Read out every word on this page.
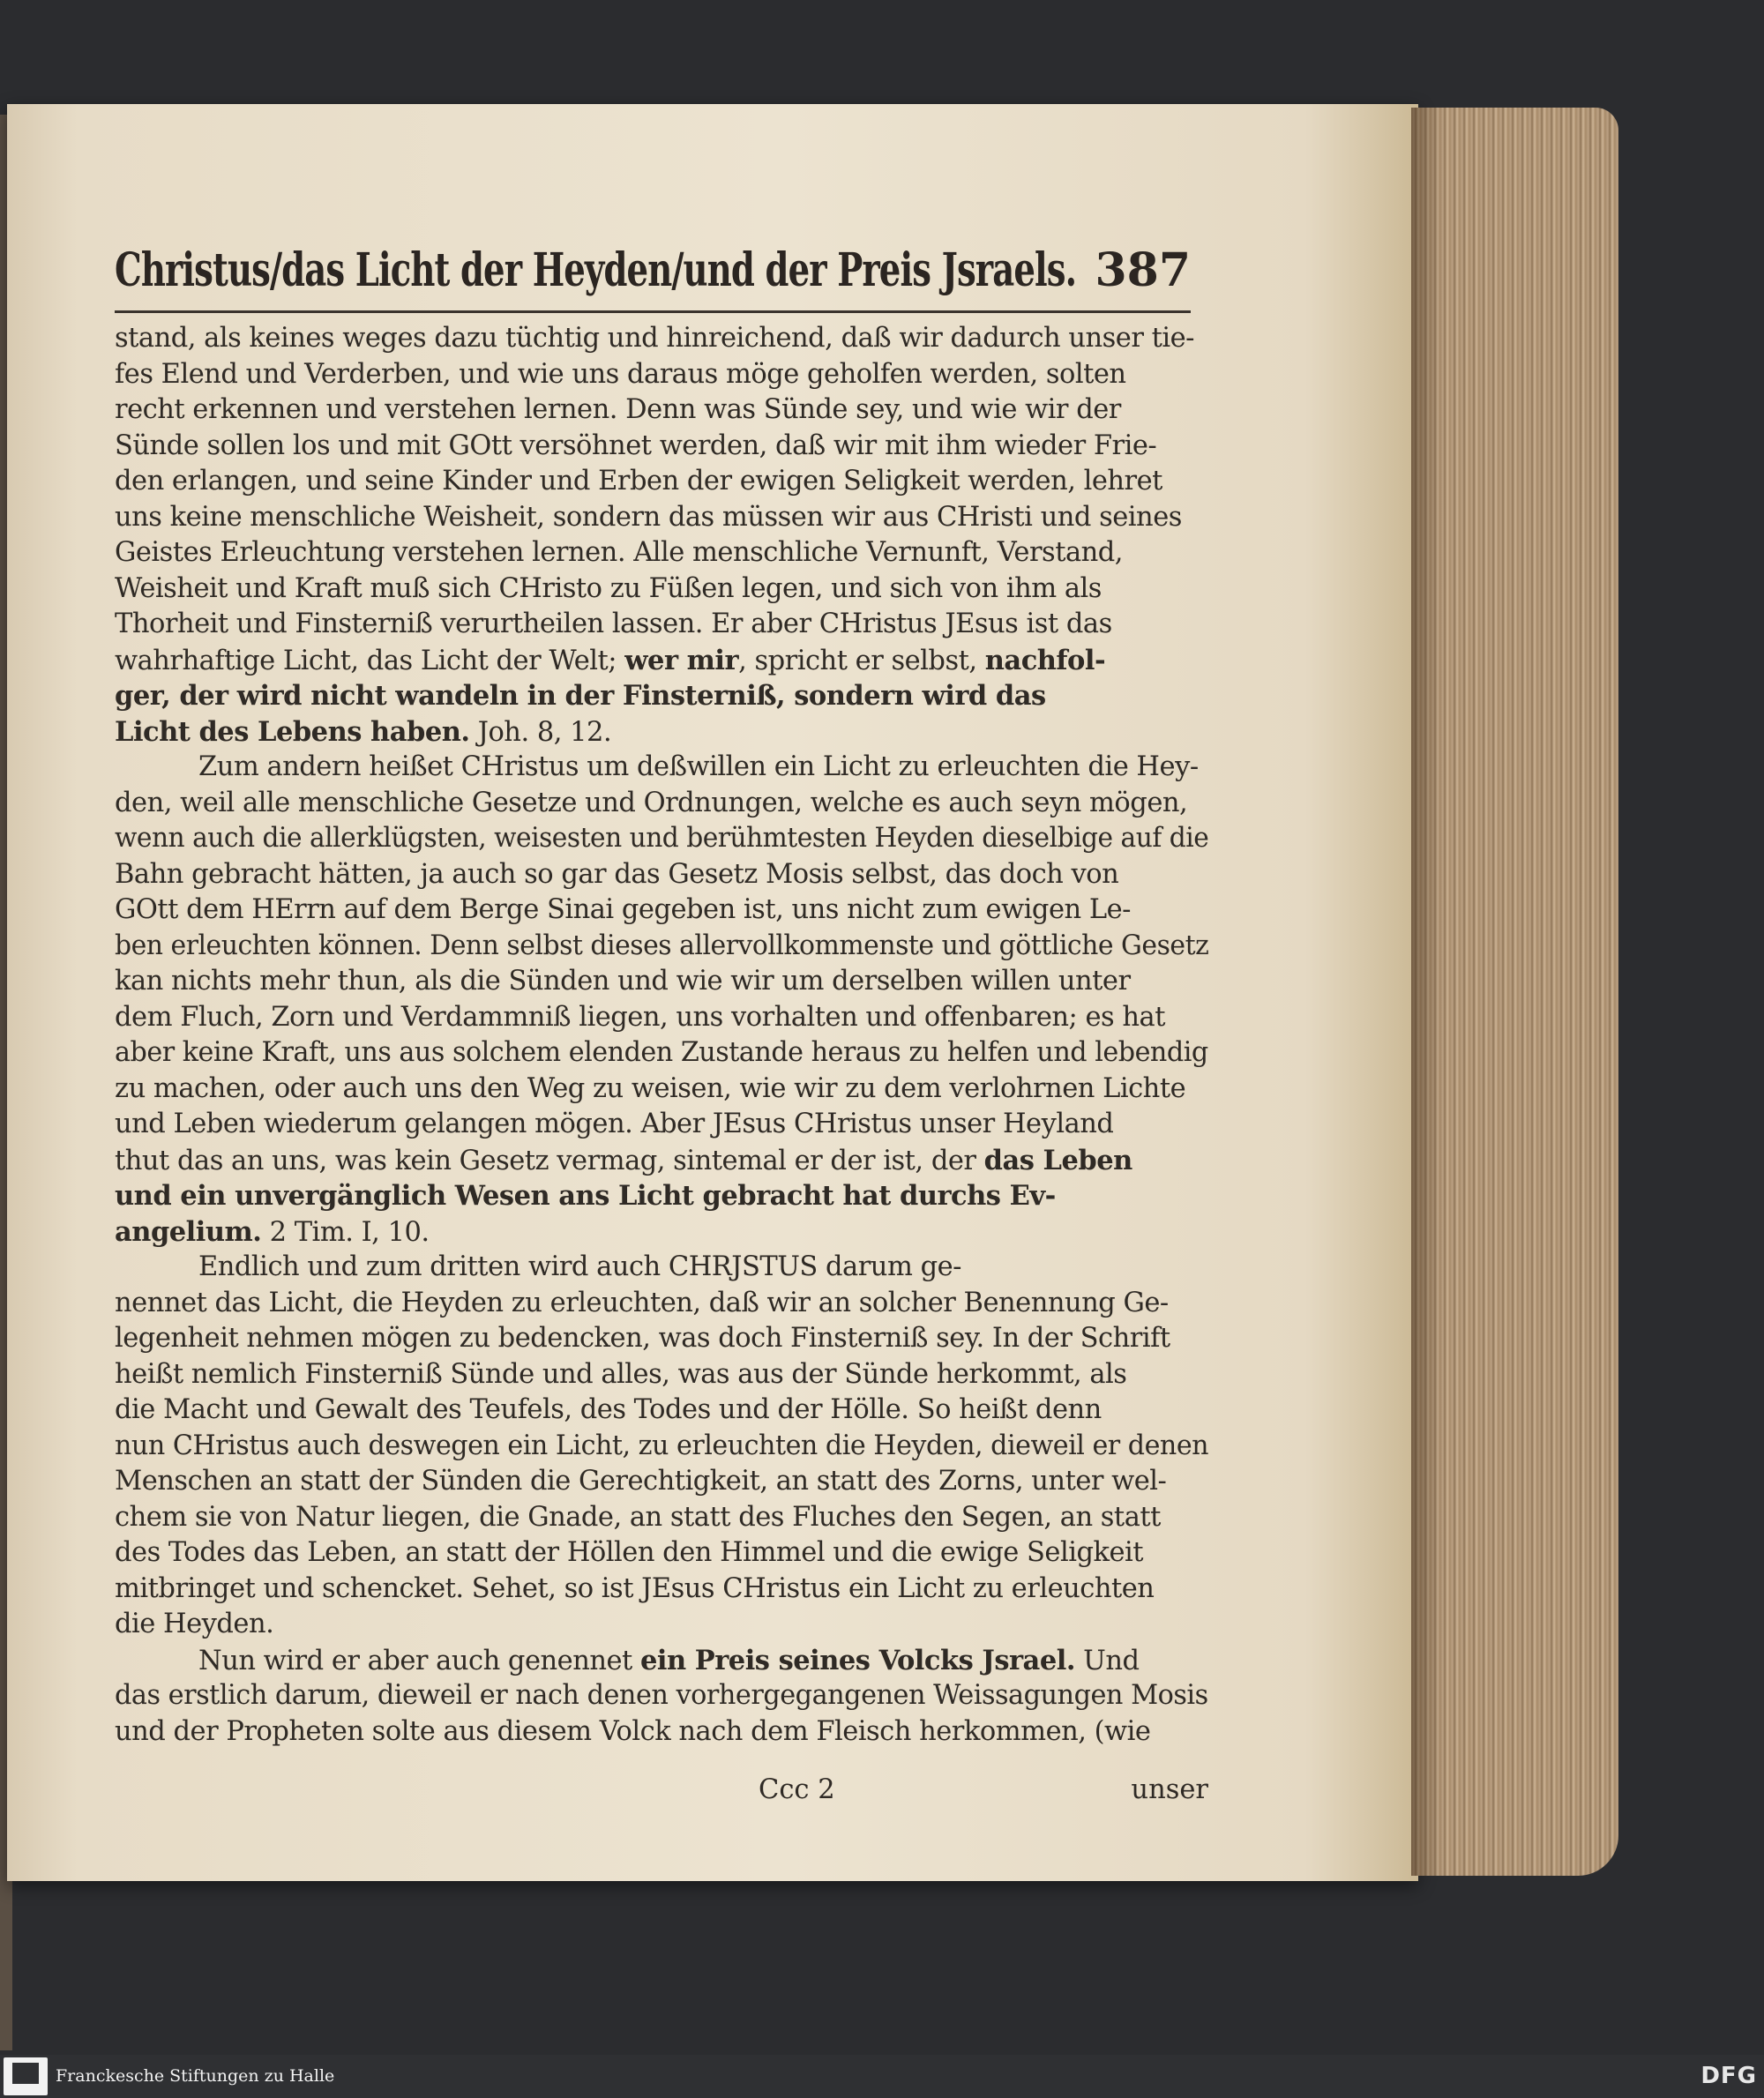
Christus/das Licht der Heyden/und der Preis Jsraels. 387
stand, als keines weges dazu tüchtig und hinreichend, daß wir dadurch unser tie-
fes Elend und Verderben, und wie uns daraus möge geholfen werden, solten
recht erkennen und verstehen lernen. Denn was Sünde sey, und wie wir der
Sünde sollen los und mit GOtt versöhnet werden, daß wir mit ihm wieder Frie-
den erlangen, und seine Kinder und Erben der ewigen Seligkeit werden, lehret
uns keine menschliche Weisheit, sondern das müssen wir aus CHristi und seines
Geistes Erleuchtung verstehen lernen. Alle menschliche Vernunft, Verstand,
Weisheit und Kraft muß sich CHristo zu Füßen legen, und sich von ihm als
Thorheit und Finsterniß verurtheilen lassen. Er aber CHristus JEsus ist das
wahrhaftige Licht, das Licht der Welt; wer mir, spricht er selbst, nachfol-
ger, der wird nicht wandeln in der Finsterniß, sondern wird das
Licht des Lebens haben. Joh. 8, 12.
Zum andern heißet CHristus um deßwillen ein Licht zu erleuchten die Hey-
den, weil alle menschliche Gesetze und Ordnungen, welche es auch seyn mögen,
wenn auch die allerklügsten, weisesten und berühmtesten Heyden dieselbige auf die
Bahn gebracht hätten, ja auch so gar das Gesetz Mosis selbst, das doch von
GOtt dem HErrn auf dem Berge Sinai gegeben ist, uns nicht zum ewigen Le-
ben erleuchten können. Denn selbst dieses allervollkommenste und göttliche Gesetz
kan nichts mehr thun, als die Sünden und wie wir um derselben willen unter
dem Fluch, Zorn und Verdammniß liegen, uns vorhalten und offenbaren; es hat
aber keine Kraft, uns aus solchem elenden Zustande heraus zu helfen und lebendig
zu machen, oder auch uns den Weg zu weisen, wie wir zu dem verlohrnen Lichte
und Leben wiederum gelangen mögen. Aber JEsus CHristus unser Heyland
thut das an uns, was kein Gesetz vermag, sintemal er der ist, der das Leben
und ein unvergänglich Wesen ans Licht gebracht hat durchs Ev-
angelium. 2 Tim. I, 10.
Endlich und zum dritten wird auch CHRJSTUS darum ge-
nennet das Licht, die Heyden zu erleuchten, daß wir an solcher Benennung Ge-
legenheit nehmen mögen zu bedencken, was doch Finsterniß sey. In der Schrift
heißt nemlich Finsterniß Sünde und alles, was aus der Sünde herkommt, als
die Macht und Gewalt des Teufels, des Todes und der Hölle. So heißt denn
nun CHristus auch deswegen ein Licht, zu erleuchten die Heyden, dieweil er denen
Menschen an statt der Sünden die Gerechtigkeit, an statt des Zorns, unter wel-
chem sie von Natur liegen, die Gnade, an statt des Fluches den Segen, an statt
des Todes das Leben, an statt der Höllen den Himmel und die ewige Seligkeit
mitbringet und schencket. Sehet, so ist JEsus CHristus ein Licht zu erleuchten
die Heyden.
Nun wird er aber auch genennet ein Preis seines Volcks Jsrael. Und
das erstlich darum, dieweil er nach denen vorhergegangenen Weissagungen Mosis
und der Propheten solte aus diesem Volck nach dem Fleisch herkommen, (wie
Ccc 2	unser
Franckesche Stiftungen zu Halle	DFG
